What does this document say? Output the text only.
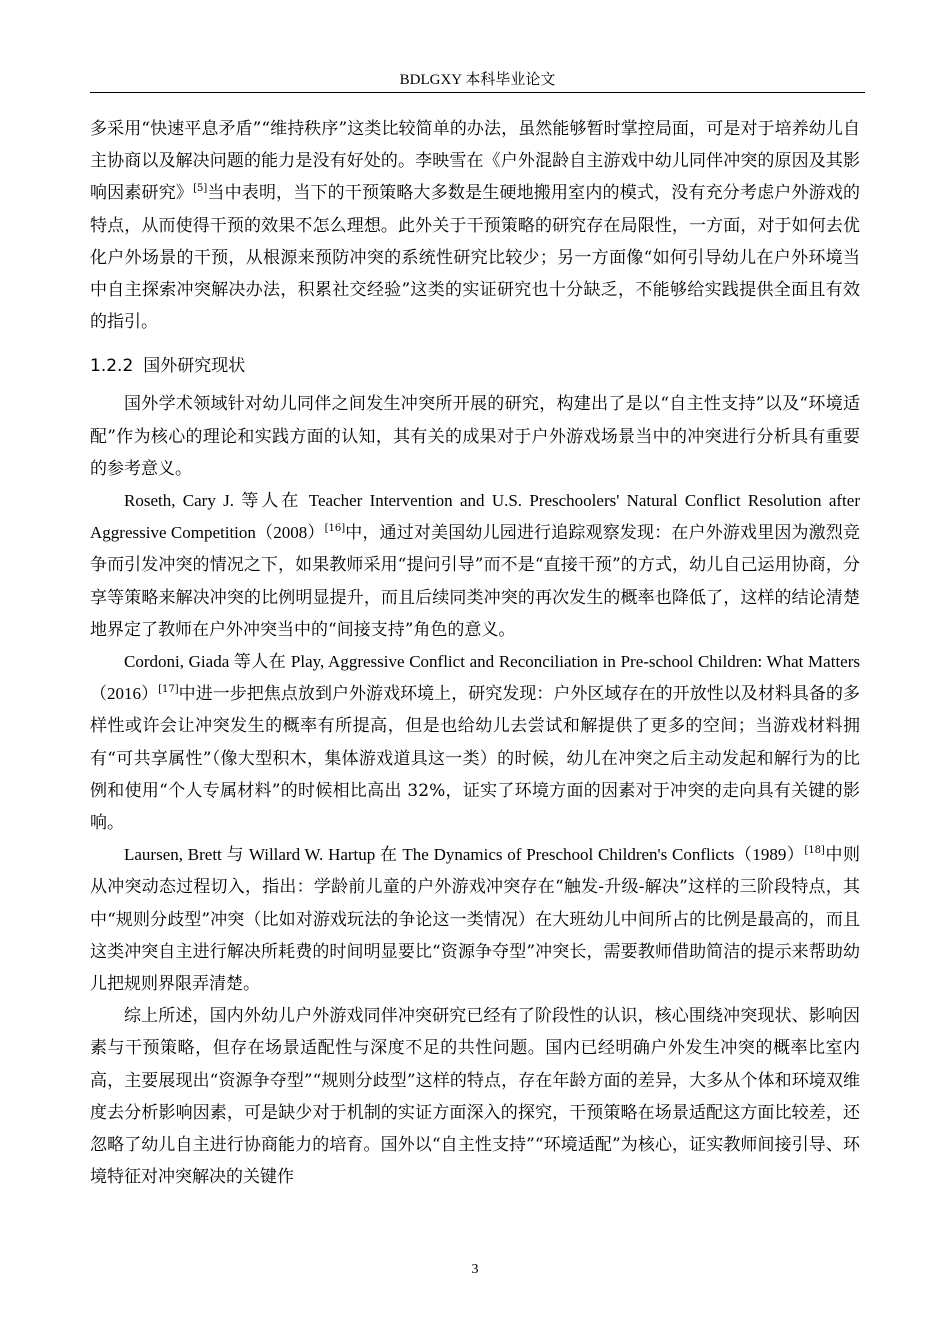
BDLGXY 本科毕业论文

多采用“快速平息矛盾”“维持秩序”这类比较简单的办法，虽然能够暂时掌控局面，可是对于培养幼儿自主协商以及解决问题的能力是没有好处的。李映雪在《户外混龄自主游戏中幼儿同伴冲突的原因及其影响因素研究》[5]当中表明，当下的干预策略大多数是生硬地搬用室内的模式，没有充分考虑户外游戏的特点，从而使得干预的效果不怎么理想。此外关于干预策略的研究存在局限性，一方面，对于如何去优化户外场景的干预，从根源来预防冲突的系统性研究比较少；另一方面像“如何引导幼儿在户外环境当中自主探索冲突解决办法，积累社交经验”这类的实证研究也十分缺乏，不能够给实践提供全面且有效的指引。

1.2.2 国外研究现状

国外学术领域针对幼儿同伴之间发生冲突所开展的研究，构建出了是以“自主性支持”以及“环境适配”作为核心的理论和实践方面的认知，其有关的成果对于户外游戏场景当中的冲突进行分析具有重要的参考意义。

Roseth, Cary J. 等人在 Teacher Intervention and U.S. Preschoolers' Natural Conflict Resolution after Aggressive Competition（2008）[16]中，通过对美国幼儿园进行追踪观察发现：在户外游戏里因为激烈竞争而引发冲突的情况之下，如果教师采用“提问引导”而不是“直接干预”的方式，幼儿自己运用协商，分享等策略来解决冲突的比例明显提升，而且后续同类冲突的再次发生的概率也降低了，这样的结论清楚地界定了教师在户外冲突当中的“间接支持”角色的意义。

Cordoni, Giada 等人在 Play, Aggressive Conflict and Reconciliation in Pre-school Children: What Matters（2016）[17]中进一步把焦点放到户外游戏环境上，研究发现：户外区域存在的开放性以及材料具备的多样性或许会让冲突发生的概率有所提高，但是也给幼儿去尝试和解提供了更多的空间；当游戏材料拥有“可共享属性”（像大型积木，集体游戏道具这一类）的时候，幼儿在冲突之后主动发起和解行为的比例和使用“个人专属材料”的时候相比高出 32%，证实了环境方面的因素对于冲突的走向具有关键的影响。

Laursen, Brett 与 Willard W. Hartup 在 The Dynamics of Preschool Children's Conflicts（1989）[18]中则从冲突动态过程切入，指出：学龄前儿童的户外游戏冲突存在“触发-升级-解决”这样的三阶段特点，其中“规则分歧型”冲突（比如对游戏玩法的争论这一类情况）在大班幼儿中间所占的比例是最高的，而且这类冲突自主进行解决所耗费的时间明显要比“资源争夺型”冲突长，需要教师借助简洁的提示来帮助幼儿把规则界限弄清楚。

综上所述，国内外幼儿户外游戏同伴冲突研究已经有了阶段性的认识，核心围绕冲突现状、影响因素与干预策略，但存在场景适配性与深度不足的共性问题。国内已经明确户外发生冲突的概率比室内高，主要展现出“资源争夺型”“规则分歧型”这样的特点，存在年龄方面的差异，大多从个体和环境双维度去分析影响因素，可是缺少对于机制的实证方面深入的探究，干预策略在场景适配这方面比较差，还忽略了幼儿自主进行协商能力的培育。国外以“自主性支持”“环境适配”为核心，证实教师间接引导、环境特征对冲突解决的关键作

3
